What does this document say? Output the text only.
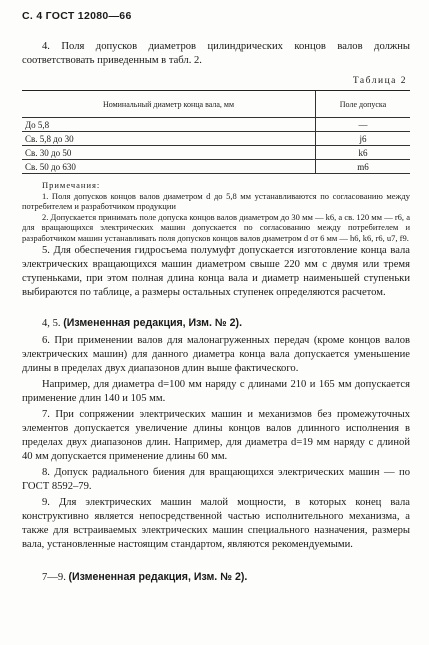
С. 4 ГОСТ 12080—66
4. Поля допусков диаметров цилиндрических концов валов должны соответствовать приведенным в табл. 2.
Таблица 2
Номинальный диаметр конца вала, мм	Поле допуска
До 5,8	—
Св. 5,8 до 30	j6
Св. 30 до 50	k6
Св. 50 до 630	m6

Примечания:

1. Поля допусков концов валов диаметром d до 5,8 мм устанавливаются по согласованию между потребителем и разработчиком продукции

2. Допускается принимать поле допуска концов валов диаметром до 30 мм — k6, а св. 120 мм — r6, а для вращающихся электрических машин допускается по согласованию между потребителем и разработчиком машин устанавливать поля допусков концов валов диаметром d от 6 мм — h6, k6, r6, u7, f9.

5. Для обеспечения гидросъема полумуфт допускается изготовление конца вала электрических вращающихся машин диаметром свыше 220 мм с двумя или тремя ступеньками, при этом полная длина конца вала и диаметр наименьшей ступеньки выбираются по таблице, а размеры остальных ступенек определяются расчетом.
4, 5. (Измененная редакция, Изм. № 2).
6. При применении валов для малонагруженных передач (кроме концов валов электрических машин) для данного диаметра конца вала допускается уменьшение длины в пределах двух диапазонов длин выше фактического.
Например, для диаметра d=100 мм наряду с длинами 210 и 165 мм допускается применение длин 140 и 105 мм.
7. При сопряжении электрических машин и механизмов без промежуточных элементов допускается увеличение длины концов валов длинного исполнения в пределах двух диапазонов длин. Например, для диаметра d=19 мм наряду с длиной 40 мм допускается применение длины 60 мм.
8. Допуск радиального биения для вращающихся электрических машин — по ГОСТ 8592–79.
9. Для электрических машин малой мощности, в которых конец вала конструктивно является непосредственной частью исполнительного механизма, а также для встраиваемых электрических машин специального назначения, размеры вала, установленные настоящим стандартом, являются рекомендуемыми.
7—9. (Измененная редакция, Изм. № 2).
